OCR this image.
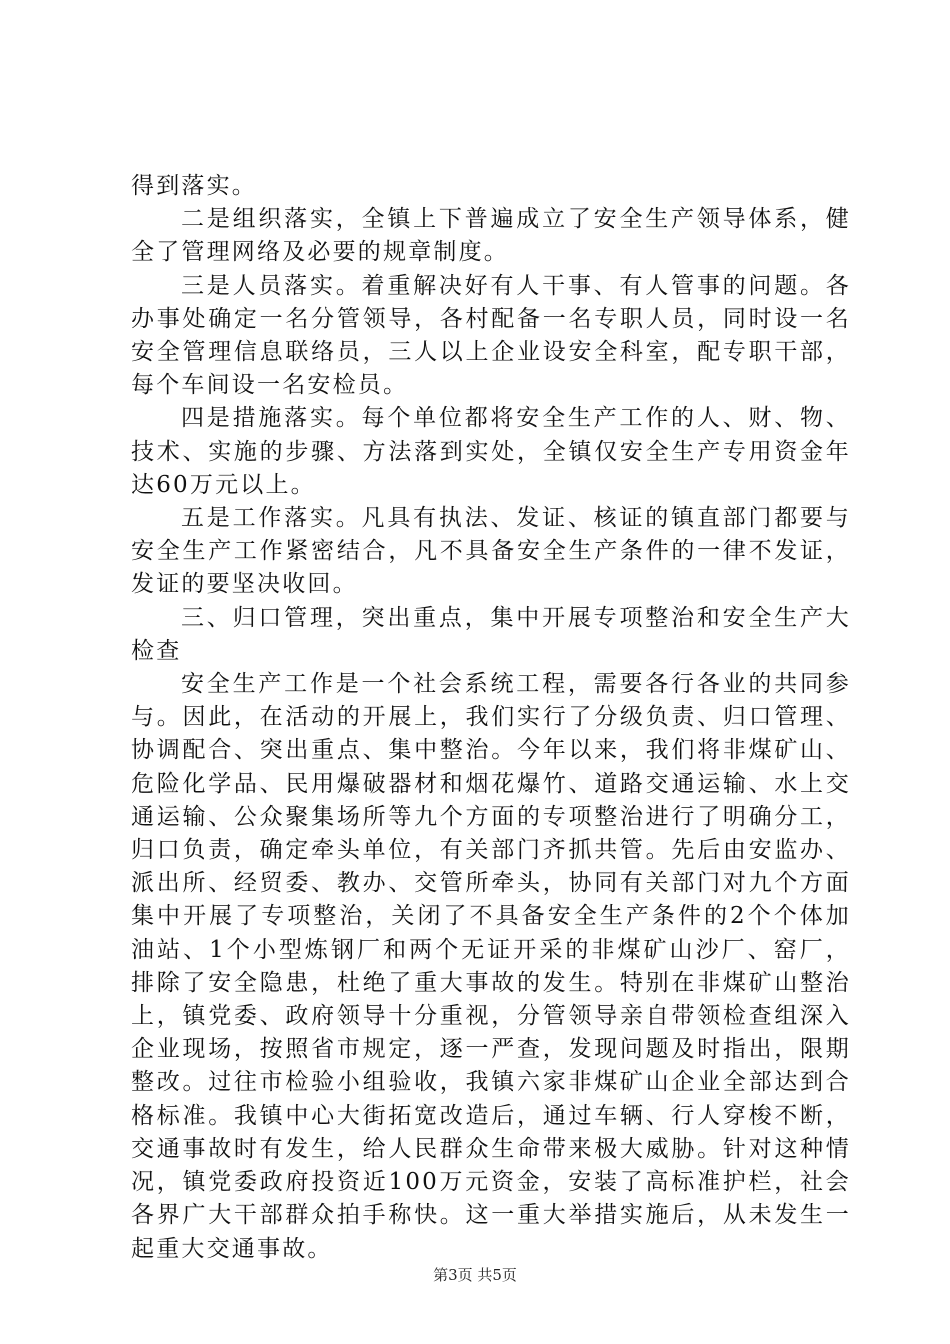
得到落实。

二是组织落实，全镇上下普遍成立了安全生产领导体系，健全了管理网络及必要的规章制度。

三是人员落实。着重解决好有人干事、有人管事的问题。各办事处确定一名分管领导，各村配备一名专职人员，同时设一名安全管理信息联络员，三人以上企业设安全科室，配专职干部，每个车间设一名安检员。

四是措施落实。每个单位都将安全生产工作的人、财、物、技术、实施的步骤、方法落到实处，全镇仅安全生产专用资金年达60万元以上。

五是工作落实。凡具有执法、发证、核证的镇直部门都要与安全生产工作紧密结合，凡不具备安全生产条件的一律不发证，发证的要坚决收回。

三、归口管理，突出重点，集中开展专项整治和安全生产大检查

安全生产工作是一个社会系统工程，需要各行各业的共同参与。因此，在活动的开展上，我们实行了分级负责、归口管理、协调配合、突出重点、集中整治。今年以来，我们将非煤矿山、危险化学品、民用爆破器材和烟花爆竹、道路交通运输、水上交通运输、公众聚集场所等九个方面的专项整治进行了明确分工，归口负责，确定牵头单位，有关部门齐抓共管。先后由安监办、派出所、经贸委、教办、交管所牵头，协同有关部门对九个方面集中开展了专项整治，关闭了不具备安全生产条件的2个个体加油站、1个小型炼钢厂和两个无证开采的非煤矿山沙厂、窑厂，排除了安全隐患，杜绝了重大事故的发生。特别在非煤矿山整治上，镇党委、政府领导十分重视，分管领导亲自带领检查组深入企业现场，按照省市规定，逐一严查，发现问题及时指出，限期整改。过往市检验小组验收，我镇六家非煤矿山企业全部达到合格标准。我镇中心大街拓宽改造后，通过车辆、行人穿梭不断，交通事故时有发生，给人民群众生命带来极大威胁。针对这种情况，镇党委政府投资近100万元资金，安装了高标准护栏，社会各界广大干部群众拍手称快。这一重大举措实施后，从未发生一起重大交通事故。

第3页 共5页
